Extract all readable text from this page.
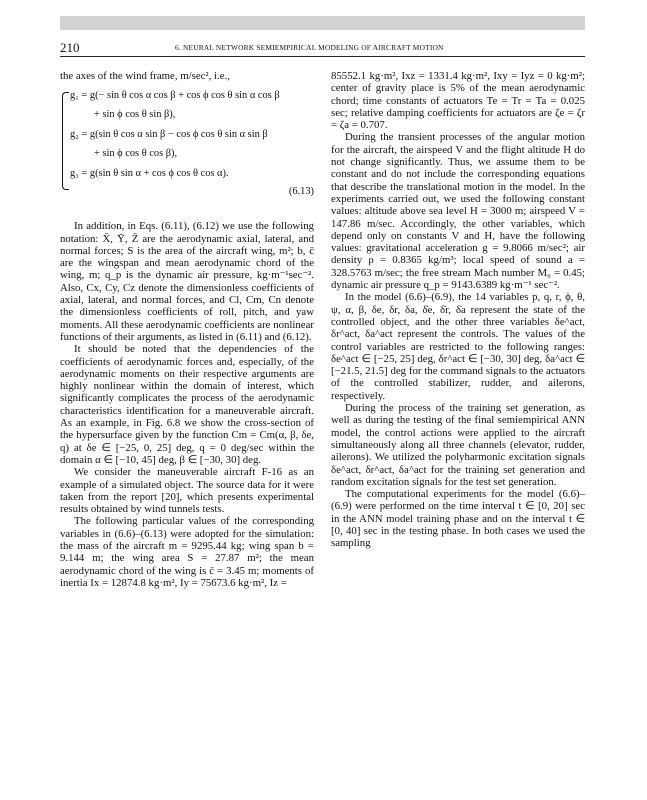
210	6. NEURAL NETWORK SEMIEMPIRICAL MODELING OF AIRCRAFT MOTION

the axes of the wind frame, m/sec², i.e.,

g₁ = g(− sin θ cos α cos β + cos ϕ cos θ sin α cos β
+ sin ϕ cos θ sin β),
g₂ = g(sin θ cos α sin β − cos ϕ cos θ sin α sin β
+ sin ϕ cos θ cos β),
g₃ = g(sin θ sin α + cos ϕ cos θ cos α).
(6.13)

In addition, in Eqs. (6.11), (6.12) we use the following notation: X̄, Ȳ, Z̄ are the aerodynamic axial, lateral, and normal forces; S is the area of the aircraft wing, m²; b, c̄ are the wingspan and mean aerodynamic chord of the wing, m; q_p is the dynamic air pressure, kg·m⁻¹sec⁻². Also, Cx, Cy, Cz denote the dimensionless coefficients of axial, lateral, and normal forces, and Cl, Cm, Cn denote the dimensionless coefficients of roll, pitch, and yaw moments. All these aerodynamic coefficients are nonlinear functions of their arguments, as listed in (6.11) and (6.12).

It should be noted that the dependencies of the coefficients of aerodynamic forces and, especially, of the aerodynamic moments on their respective arguments are highly nonlinear within the domain of interest, which significantly complicates the process of the aerodynamic characteristics identification for a maneuverable aircraft. As an example, in Fig. 6.8 we show the cross-section of the hypersurface given by the function Cm = Cm(α, β, δe, q) at δe ∈ [−25, 0, 25] deg, q = 0 deg/sec within the domain α ∈ [−10, 45] deg, β ∈ [−30, 30] deg.

We consider the maneuverable aircraft F-16 as an example of a simulated object. The source data for it were taken from the report [20], which presents experimental results obtained by wind tunnels tests.

The following particular values of the corresponding variables in (6.6)–(6.13) were adopted for the simulation: the mass of the aircraft m = 9295.44 kg; wing span b = 9.144 m; the wing area S = 27.87 m²; the mean aerodynamic chord of the wing is c̄ = 3.45 m; moments of inertia Ix = 12874.8 kg·m², Iy = 75673.6 kg·m², Iz =

85552.1 kg·m², Ixz = 1331.4 kg·m², Ixy = Iyz = 0 kg·m²; center of gravity place is 5% of the mean aerodynamic chord; time constants of actuators Te = Tr = Ta = 0.025 sec; relative damping coefficients for actuators are ζe = ζr = ζa = 0.707.

During the transient processes of the angular motion for the aircraft, the airspeed V and the flight altitude H do not change significantly. Thus, we assume them to be constant and do not include the corresponding equations that describe the translational motion in the model. In the experiments carried out, we used the following constant values: altitude above sea level H = 3000 m; airspeed V = 147.86 m/sec. Accordingly, the other variables, which depend only on constants V and H, have the following values: gravitational acceleration g = 9.8066 m/sec²; air density ρ = 0.8365 kg/m³; local speed of sound a = 328.5763 m/sec; the free stream Mach number M₀ = 0.45; dynamic air pressure q_p = 9143.6389 kg·m⁻¹ sec⁻².

In the model (6.6)–(6.9), the 14 variables p, q, r, ϕ, θ, ψ, α, β, δe, δr, δa, δ̇e, δ̇r, δ̇a represent the state of the controlled object, and the other three variables δe^act, δr^act, δa^act represent the controls. The values of the control variables are restricted to the following ranges: δe^act ∈ [−25, 25] deg, δr^act ∈ [−30, 30] deg, δa^act ∈ [−21.5, 21.5] deg for the command signals to the actuators of the controlled stabilizer, rudder, and ailerons, respectively.

During the process of the training set generation, as well as during the testing of the final semiempirical ANN model, the control actions were applied to the aircraft simultaneously along all three channels (elevator, rudder, ailerons). We utilized the polyharmonic excitation signals δe^act, δr^act, δa^act for the training set generation and random excitation signals for the test set generation.

The computational experiments for the model (6.6)–(6.9) were performed on the time interval t ∈ [0, 20] sec in the ANN model training phase and on the interval t ∈ [0, 40] sec in the testing phase. In both cases we used the sampling
